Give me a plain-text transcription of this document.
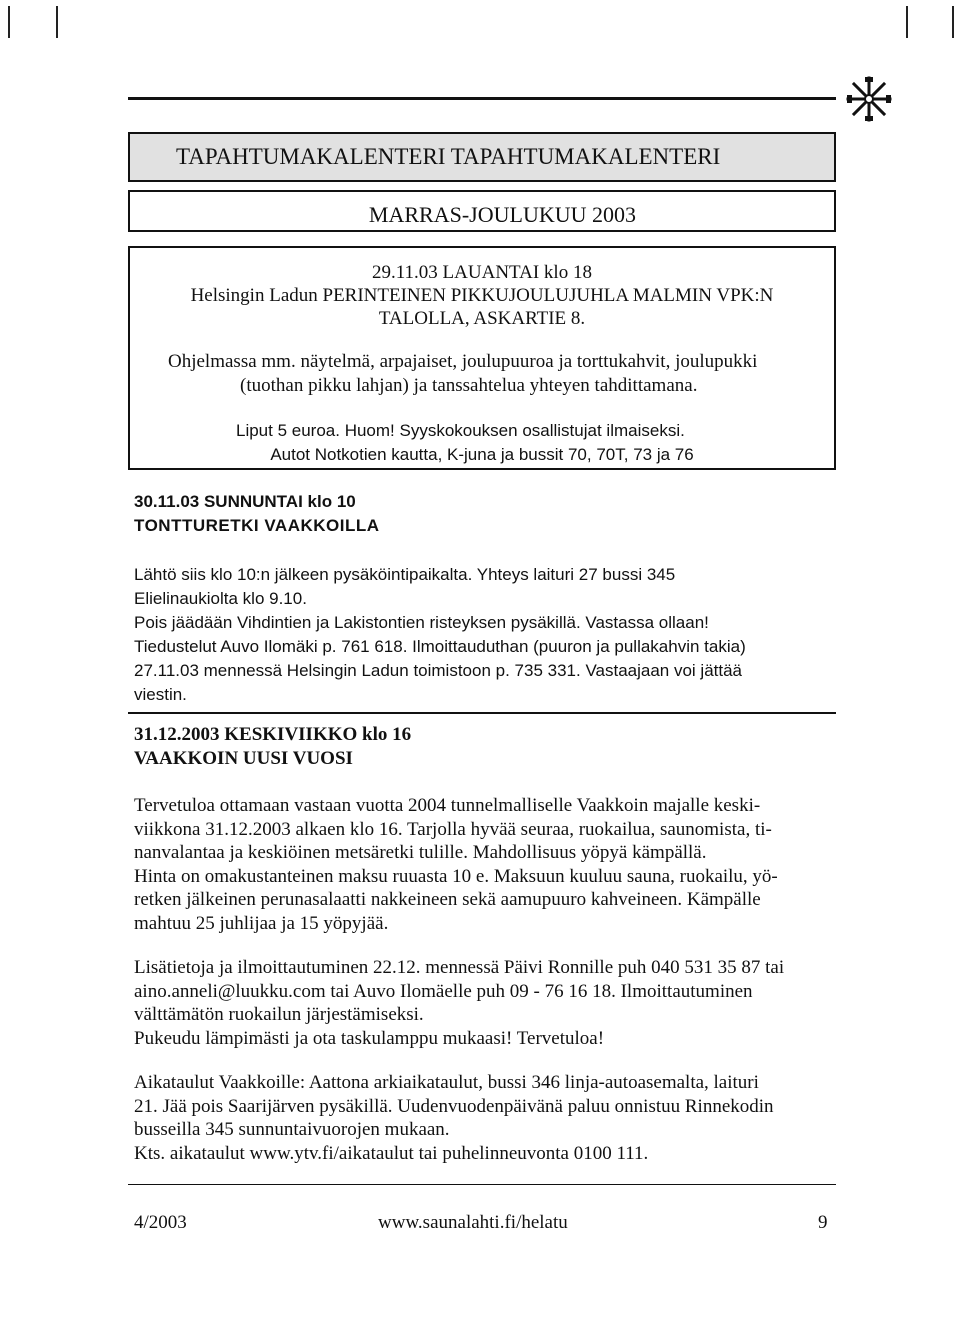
TAPAHTUMAKALENTERI TAPAHTUMAKALENTERI
MARRAS-JOULUKUU 2003
29.11.03 LAUANTAI klo 18
Helsingin Ladun PERINTEINEN PIKKUJOULUJUHLA MALMIN VPK:N
TALOLLA, ASKARTIE 8.
Ohjelmassa mm. näytelmä, arpajaiset, joulupuuroa ja torttukahvit, joulupukki
(tuothan pikku lahjan) ja tanssahtelua yhteyen tahdittamana.
Liput 5 euroa. Huom! Syyskokouksen osallistujat ilmaiseksi.
Autot Notkotien kautta, K-juna ja bussit 70, 70T, 73 ja 76
30.11.03 SUNNUNTAI klo 10
TONTTURETKI VAAKKOILLA
Lähtö siis klo 10:n jälkeen pysäköintipaikalta. Yhteys laituri 27 bussi 345
Elielinaukiolta klo 9.10.
Pois jäädään Vihdintien ja Lakistontien risteyksen pysäkillä. Vastassa ollaan!
Tiedustelut Auvo Ilomäki p. 761 618. Ilmoittauduthan (puuron ja pullakahvin takia)
27.11.03 mennessä Helsingin Ladun toimistoon p. 735 331. Vastaajaan voi jättää
viestin.
31.12.2003 KESKIVIIKKO klo 16
VAAKKOIN UUSI VUOSI
Tervetuloa ottamaan vastaan vuotta 2004 tunnelmalliselle Vaakkoin majalle keski-
viikkona 31.12.2003 alkaen klo 16. Tarjolla hyvää seuraa, ruokailua, saunomista, ti-
nanvalantaa ja keskiöinen metsäretki tulille. Mahdollisuus yöpyä kämpällä.
Hinta on omakustanteinen maksu ruuasta 10 e. Maksuun kuuluu sauna, ruokailu, yö-
retken jälkeinen perunasalaatti nakkeineen sekä aamupuuro kahveineen. Kämpälle
mahtuu 25 juhlijaa ja 15 yöpyjää.
Lisätietoja ja ilmoittautuminen 22.12. mennessä Päivi Ronnille puh 040 531 35 87 tai
aino.anneli@luukku.com tai Auvo Ilomäelle puh 09 - 76 16 18. Ilmoittautuminen
välttämätön ruokailun järjestämiseksi.
Pukeudu lämpimästi ja ota taskulamppu mukaasi! Tervetuloa!
Aikataulut Vaakkoille: Aattona arkiaikataulut, bussi 346 linja-autoasemalta, laituri
21. Jää pois Saarijärven pysäkillä. Uudenvuodenpäivänä paluu onnistuu Rinnekodin
busseilla 345 sunnuntaivuorojen mukaan.
Kts. aikataulut www.ytv.fi/aikataulut tai puhelinneuvonta 0100 111.
4/2003	www.saunalahti.fi/helatu	9
